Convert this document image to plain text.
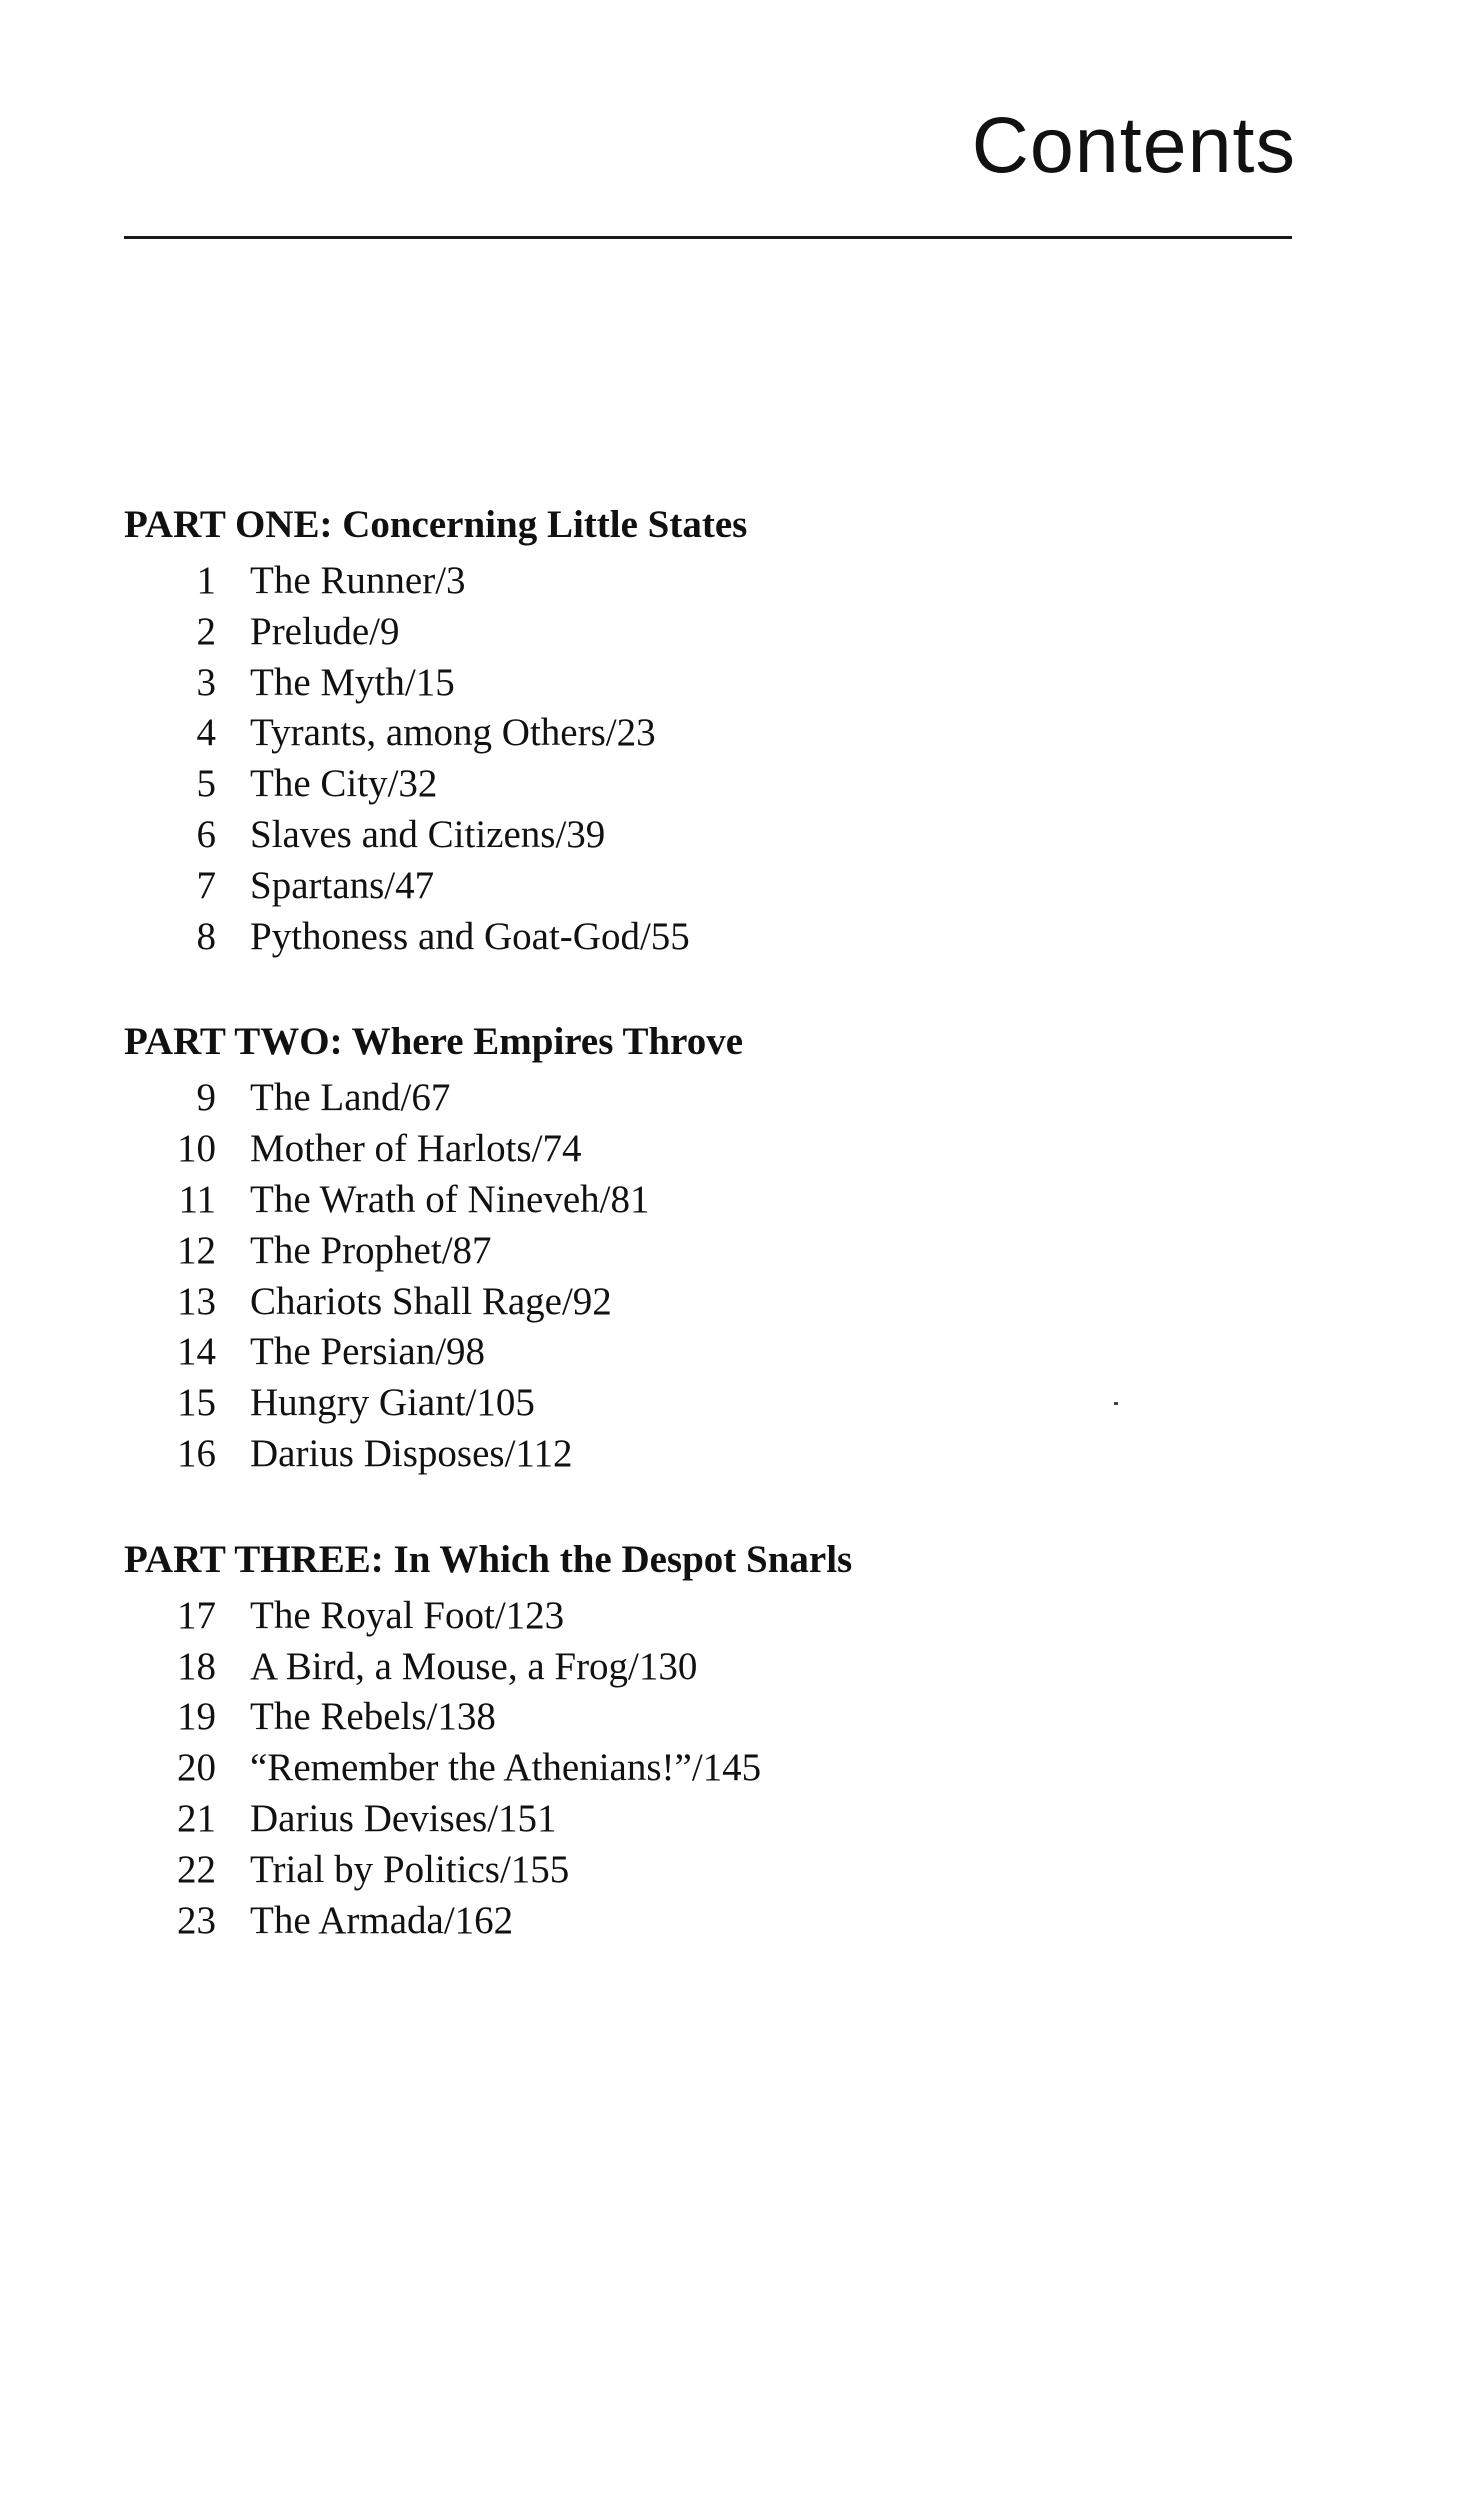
Contents
PART ONE: Concerning Little States
1 The Runner/3
2 Prelude/9
3 The Myth/15
4 Tyrants, among Others/23
5 The City/32
6 Slaves and Citizens/39
7 Spartans/47
8 Pythoness and Goat-God/55
PART TWO: Where Empires Throve
9 The Land/67
10 Mother of Harlots/74
11 The Wrath of Nineveh/81
12 The Prophet/87
13 Chariots Shall Rage/92
14 The Persian/98
15 Hungry Giant/105
16 Darius Disposes/112
PART THREE: In Which the Despot Snarls
17 The Royal Foot/123
18 A Bird, a Mouse, a Frog/130
19 The Rebels/138
20 “Remember the Athenians!”/145
21 Darius Devises/151
22 Trial by Politics/155
23 The Armada/162
